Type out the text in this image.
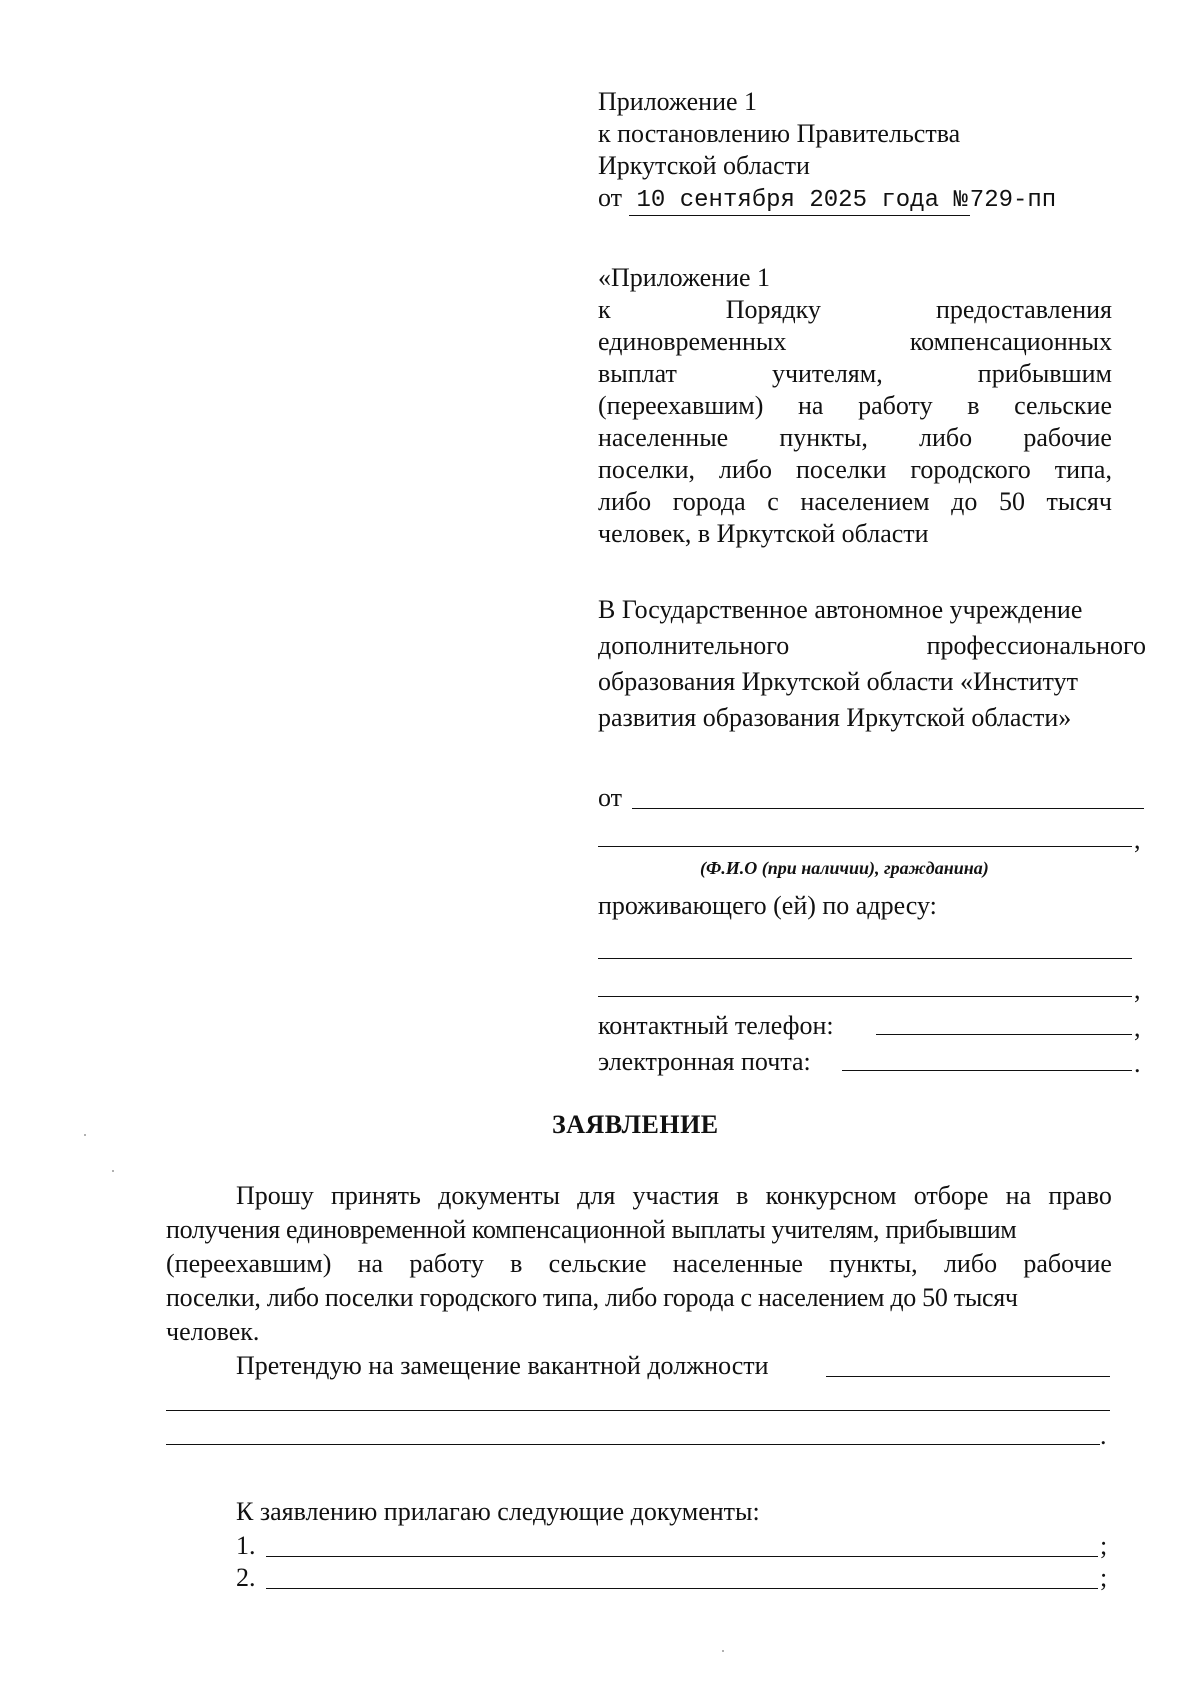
Приложение 1
к постановлению Правительства
Иркутской области
от 10 сентября 2025 года №729-пп
«Приложение 1
к	Порядку	предоставления
единовременных	компенсационных
выплат	учителям,	прибывшим
(переехавшим) на работу в сельские
населенные пункты, либо рабочие
поселки, либо поселки городского типа,
либо города с населением до 50 тысяч
человек, в Иркутской области
В Государственное автономное учреждение
дополнительного	профессионального
образования Иркутской области «Институт
развития образования Иркутской области»
от
,
(Ф.И.О (при наличии), гражданина)
проживающего (ей) по адресу:
,
контактный телефон:	,
электронная почта:	.
ЗАЯВЛЕНИЕ
Прошу принять документы для участия в конкурсном отборе на право
получения единовременной компенсационной выплаты учителям, прибывшим
(переехавшим) на работу в сельские населенные пункты, либо рабочие
поселки, либо поселки городского типа, либо города с населением до 50 тысяч
человек.
Претендую на замещение вакантной должности
.
К заявлению прилагаю следующие документы:
1.	;
2.	;
